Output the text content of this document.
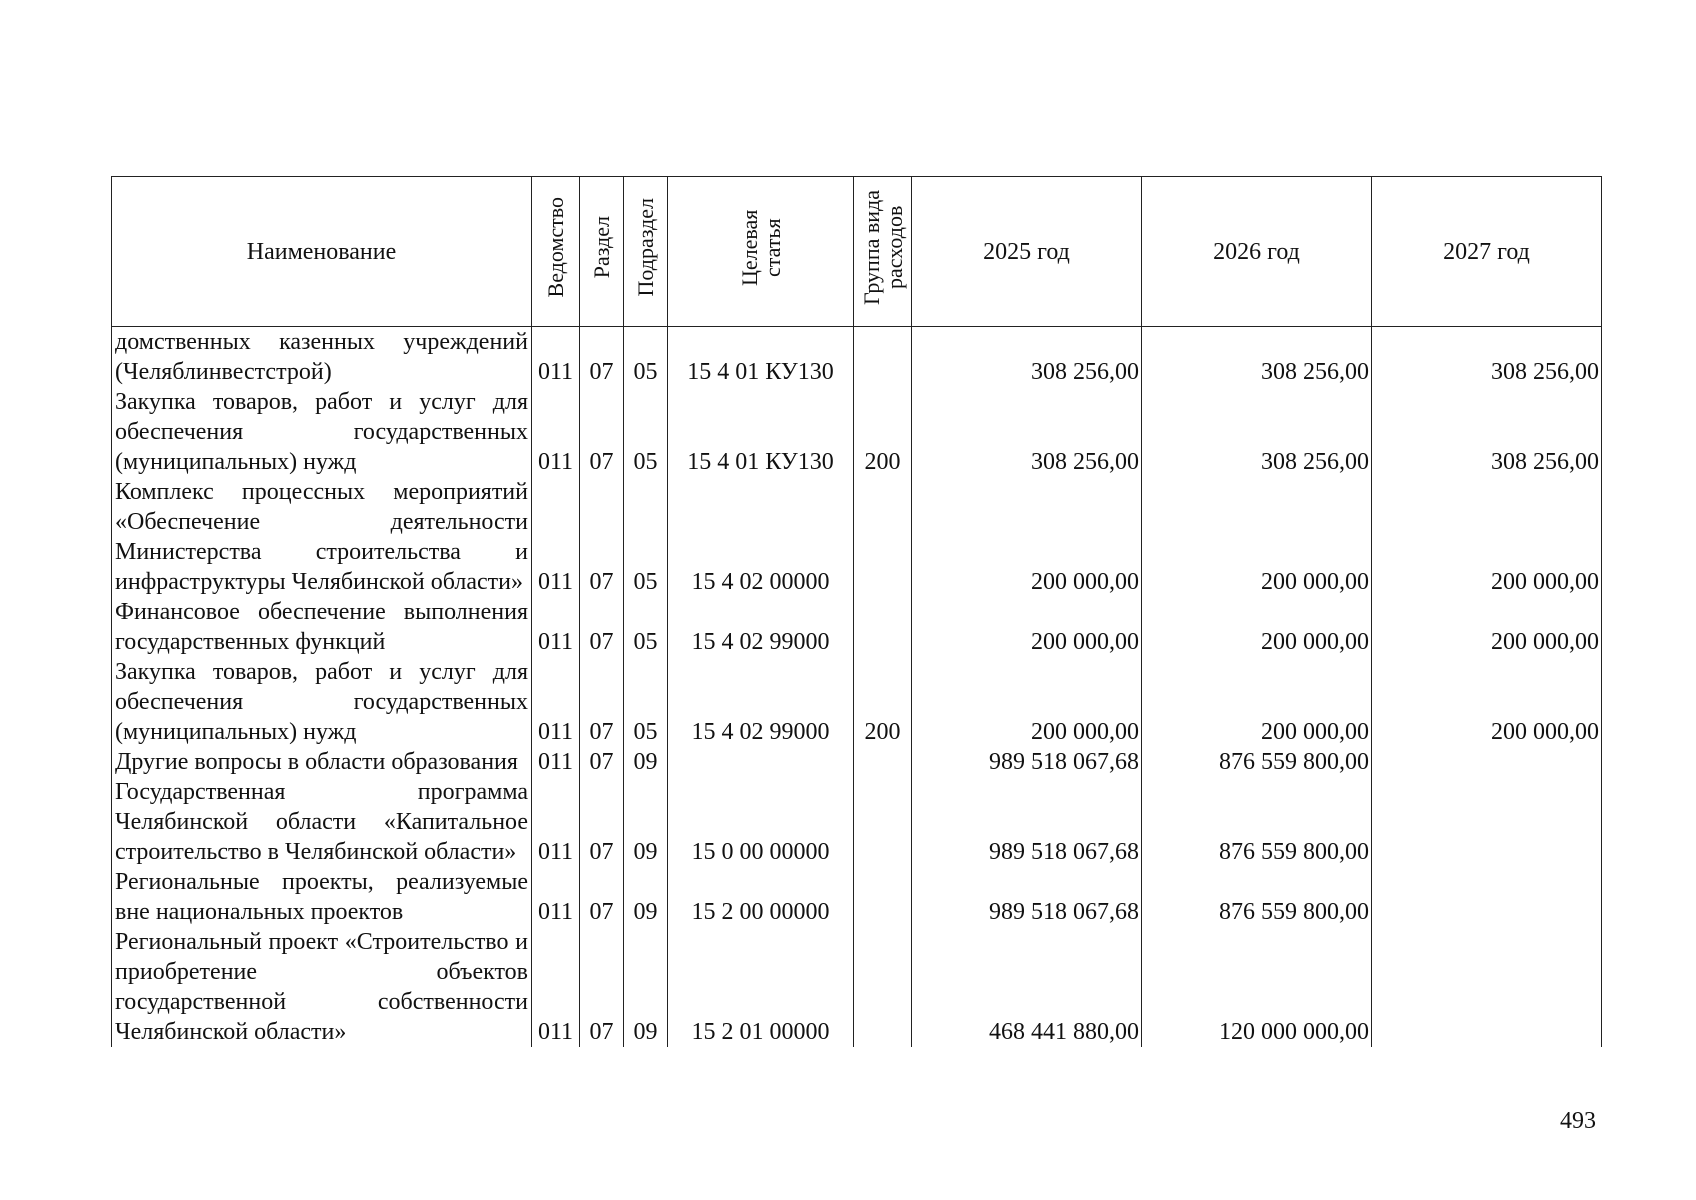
Наименование	Ведомство	Раздел	Подраздел	Целевая статья	Группа вида расходов	2025 год	2026 год	2027 год
домственных казенных учреждений (Челяблинвестстрой)	011	07	05	15 4 01 КУ130		308 256,00	308 256,00	308 256,00
Закупка товаров, работ и услуг для обеспечения государственных (муниципальных) нужд	011	07	05	15 4 01 КУ130	200	308 256,00	308 256,00	308 256,00
Комплекс процессных мероприятий «Обеспечение деятельности Министерства строительства и инфраструктуры Челябинской области»	011	07	05	15 4 02 00000		200 000,00	200 000,00	200 000,00
Финансовое обеспечение выполнения государственных функций	011	07	05	15 4 02 99000		200 000,00	200 000,00	200 000,00
Закупка товаров, работ и услуг для обеспечения государственных (муниципальных) нужд	011	07	05	15 4 02 99000	200	200 000,00	200 000,00	200 000,00
Другие вопросы в области образования	011	07	09			989 518 067,68	876 559 800,00	
Государственная программа Челябинской области «Капитальное строительство в Челябинской области»	011	07	09	15 0 00 00000		989 518 067,68	876 559 800,00	
Региональные проекты, реализуемые вне национальных проектов	011	07	09	15 2 00 00000		989 518 067,68	876 559 800,00	
Региональный проект «Строительство и приобретение объектов государственной собственности Челябинской области»	011	07	09	15 2 01 00000		468 441 880,00	120 000 000,00	
493
